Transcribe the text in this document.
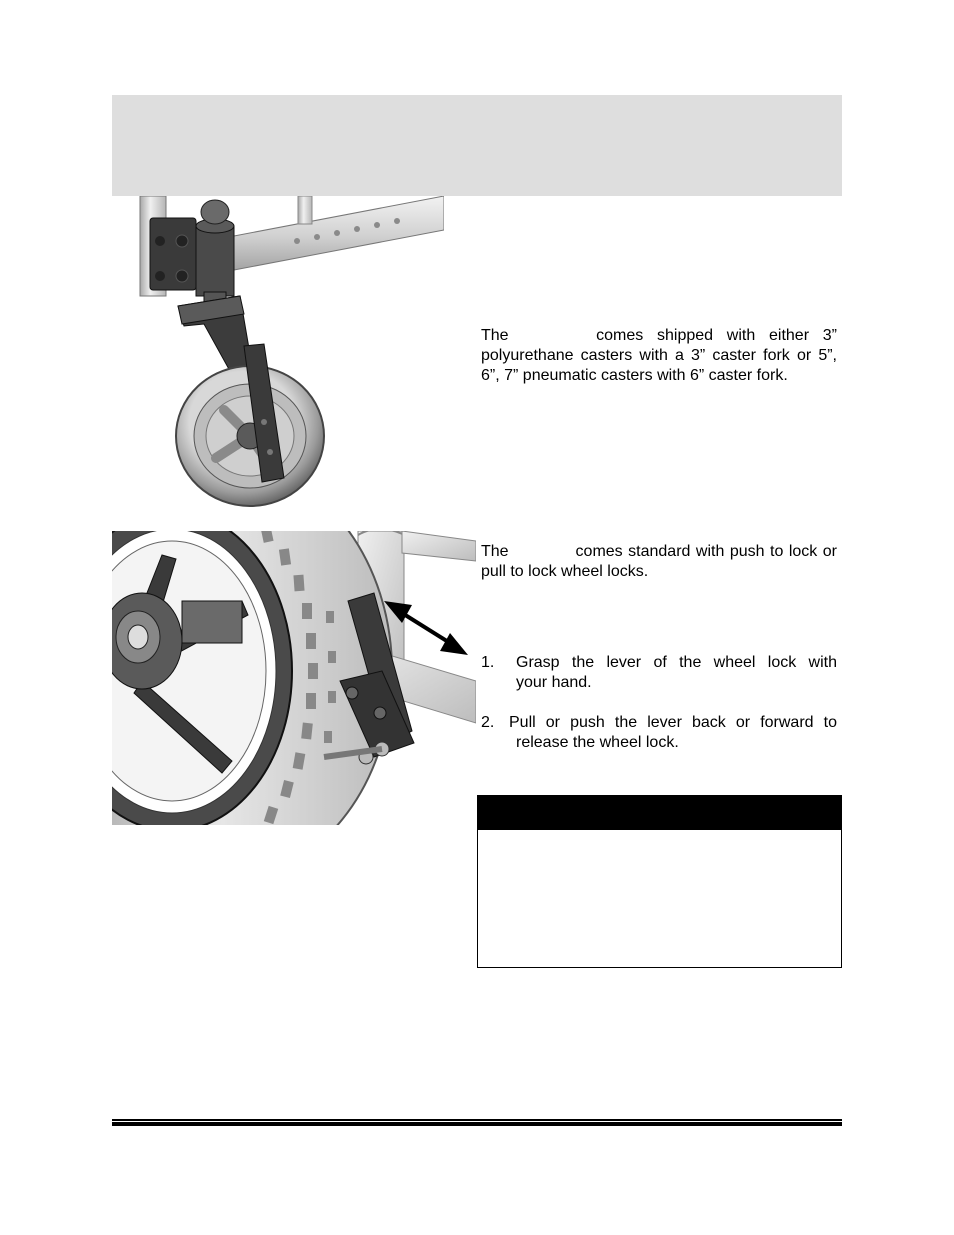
The	comes shipped with either 3” polyurethane casters with a 3” caster fork or 5”, 6”, 7” pneumatic casters with 6” caster fork.
The	comes standard with push to lock or pull to lock wheel locks.
1.	Grasp the lever of the wheel lock with
your hand.
2. Pull or push the lever back or forward to
release the wheel lock.
